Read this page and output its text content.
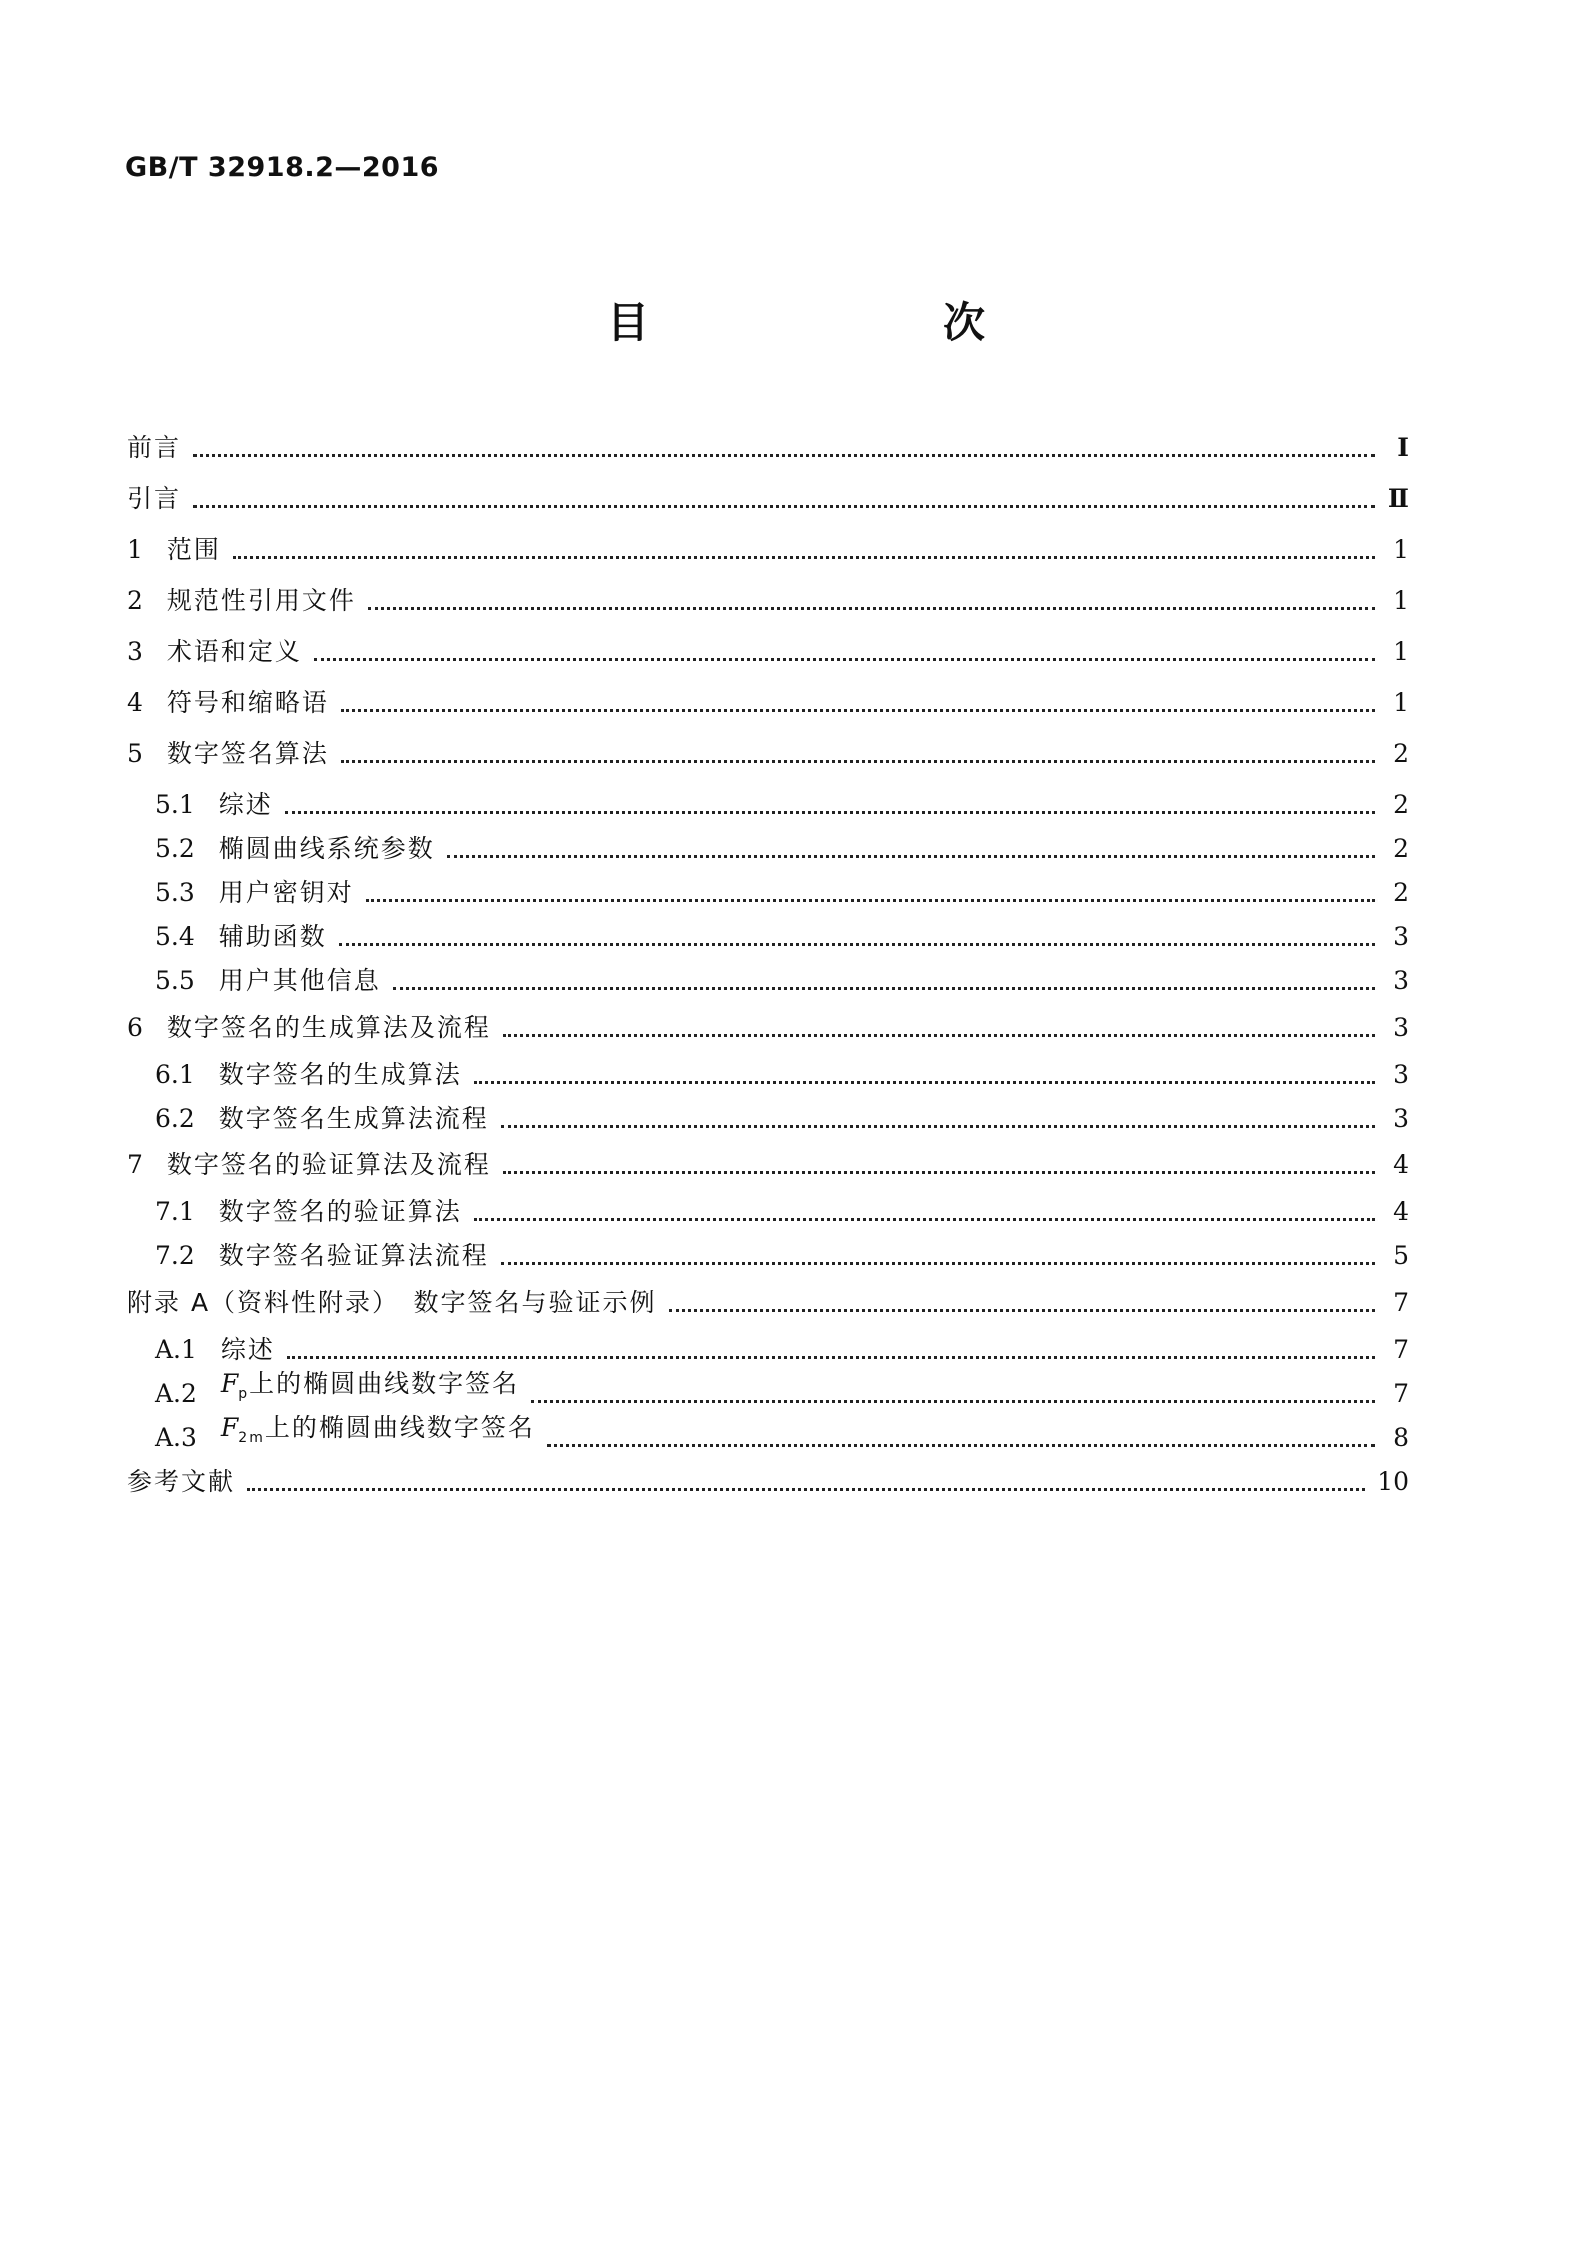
GB/T 32918.2—2016
目　　次
前言	Ⅰ
引言	Ⅱ
1 范围	1
2 规范性引用文件	1
3 术语和定义	1
4 符号和缩略语	1
5 数字签名算法	2
5.1 综述	2
5.2 椭圆曲线系统参数	2
5.3 用户密钥对	2
5.4 辅助函数	3
5.5 用户其他信息	3
6 数字签名的生成算法及流程	3
6.1 数字签名的生成算法	3
6.2 数字签名生成算法流程	3
7 数字签名的验证算法及流程	4
7.1 数字签名的验证算法	4
7.2 数字签名验证算法流程	5
附录 A（资料性附录）　数字签名与验证示例	7
A.1 综述	7
A.2 $F_p$上的椭圆曲线数字签名	7
A.3 $F_{2m}$上的椭圆曲线数字签名	8
参考文献	10
